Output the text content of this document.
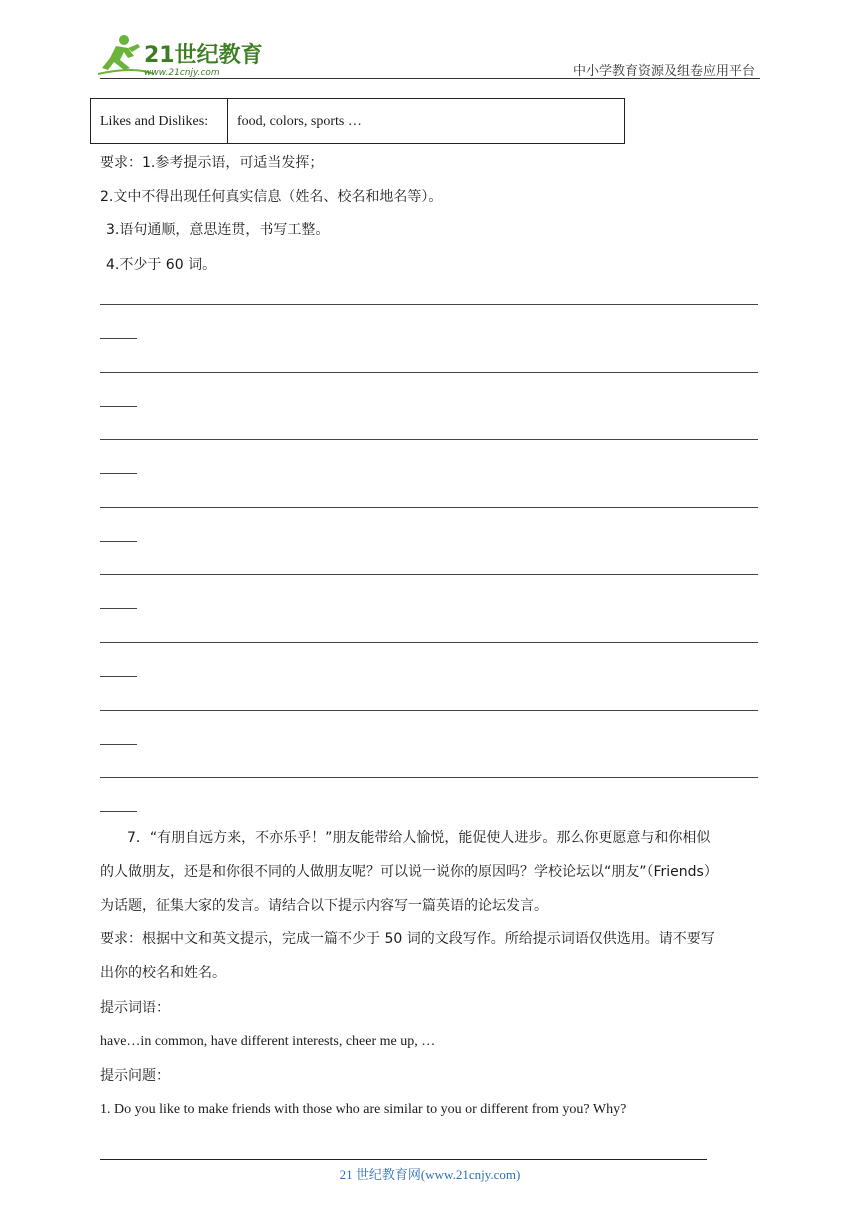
21世纪教育
www.21cnjy.com	中小学教育资源及组卷应用平台
Likes and Dislikes:	food, colors, sports …
要求：1.参考提示语，可适当发挥；
2.文中不得出现任何真实信息（姓名、校名和地名等）。
3.语句通顺，意思连贯，书写工整。
4.不少于 60 词。
7．“有朋自远方来，不亦乐乎！”朋友能带给人愉悦，能促使人进步。那么你更愿意与和你相似
的人做朋友，还是和你很不同的人做朋友呢？可以说一说你的原因吗？学校论坛以“朋友”（Friends）
为话题，征集大家的发言。请结合以下提示内容写一篇英语的论坛发言。
要求：根据中文和英文提示，完成一篇不少于 50 词的文段写作。所给提示词语仅供选用。请不要写
出你的校名和姓名。
提示词语：
have…in common, have different interests, cheer me up, …
提示问题：
1. Do you like to make friends with those who are similar to you or different from you? Why?
21 世纪教育网(www.21cnjy.com)
